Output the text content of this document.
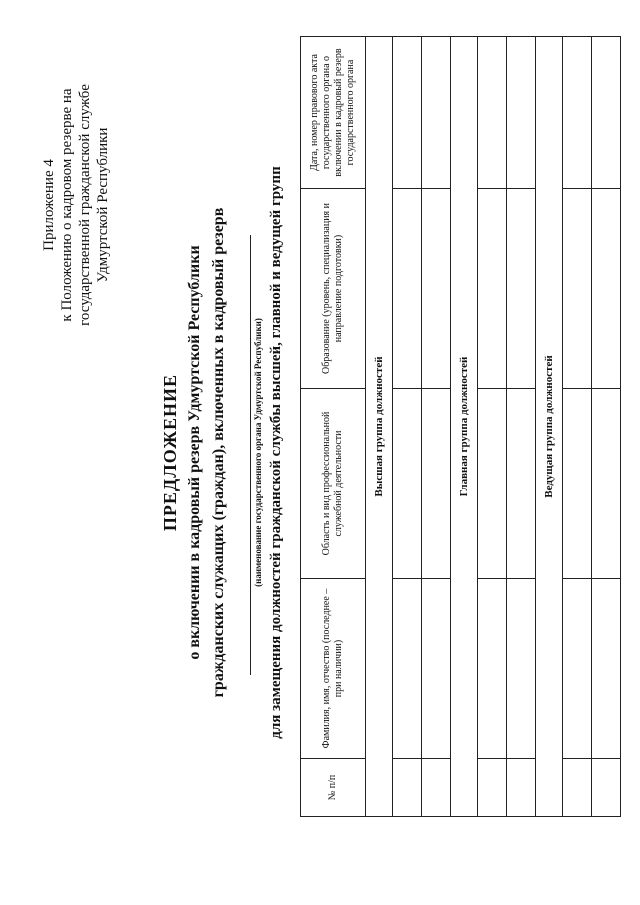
Приложение 4 к Положению о кадровом резерве на государственной гражданской службе Удмуртской Республики
ПРЕДЛОЖЕНИЕ о включении в кадровый резерв Удмуртской Республики гражданских служащих (граждан), включенных в кадровый резерв	(наименование государственного органа Удмуртской Республики) для замещения должностей гражданской службы высшей, главной и ведущей групп
№ п/п	Фамилия, имя, отчество (последнее – при наличии)	Область и вид профессиональной служебной деятельности	Образование (уровень, специализация и направление подготовки)	Дата, номер правового акта государственного органа о включении в кадровый резерв государственного органа
Высшая группа должностей				

Главная группа должностей				

Ведущая группа должностей				
